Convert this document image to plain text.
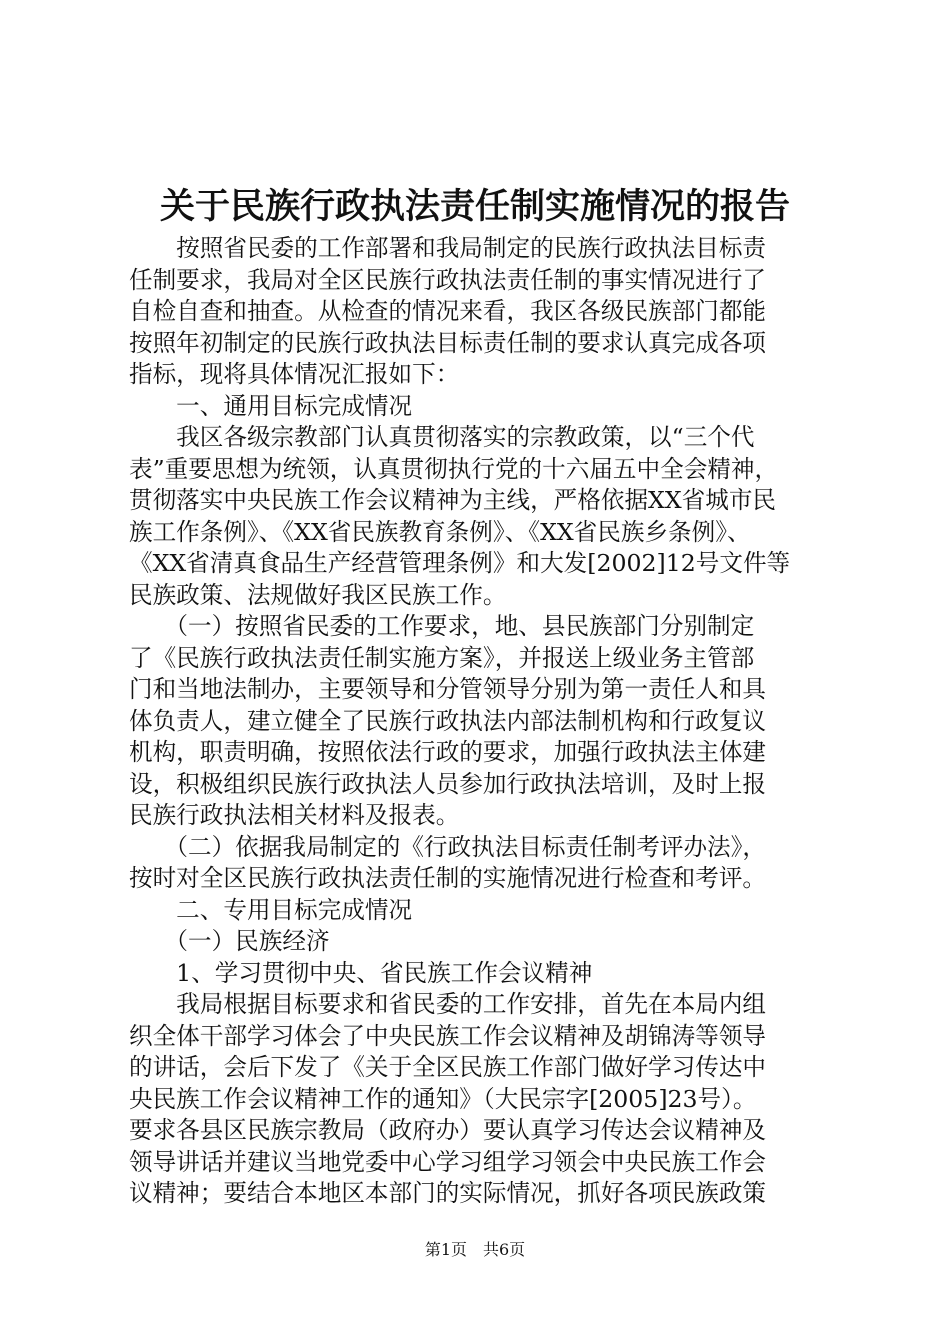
关于民族行政执法责任制实施情况的报告
　　按照省民委的工作部署和我局制定的民族行政执法目标责
任制要求，我局对全区民族行政执法责任制的事实情况进行了
自检自查和抽查。从检查的情况来看，我区各级民族部门都能
按照年初制定的民族行政执法目标责任制的要求认真完成各项
指标，现将具体情况汇报如下：
　　一、通用目标完成情况
　　我区各级宗教部门认真贯彻落实的宗教政策，以“三个代
表”重要思想为统领，认真贯彻执行党的十六届五中全会精神，
贯彻落实中央民族工作会议精神为主线，严格依据XX省城市民
族工作条例》、《XX省民族教育条例》、《XX省民族乡条例》、
《XX省清真食品生产经营管理条例》和大发[2002]12号文件等
民族政策、法规做好我区民族工作。
　　（一）按照省民委的工作要求，地、县民族部门分别制定
了《民族行政执法责任制实施方案》，并报送上级业务主管部
门和当地法制办，主要领导和分管领导分别为第一责任人和具
体负责人，建立健全了民族行政执法内部法制机构和行政复议
机构，职责明确，按照依法行政的要求，加强行政执法主体建
设，积极组织民族行政执法人员参加行政执法培训，及时上报
民族行政执法相关材料及报表。
　　（二）依据我局制定的《行政执法目标责任制考评办法》，
按时对全区民族行政执法责任制的实施情况进行检查和考评。
　　二、专用目标完成情况
　　（一）民族经济
　　1、学习贯彻中央、省民族工作会议精神
　　我局根据目标要求和省民委的工作安排，首先在本局内组
织全体干部学习体会了中央民族工作会议精神及胡锦涛等领导
的讲话，会后下发了《关于全区民族工作部门做好学习传达中
央民族工作会议精神工作的通知》（大民宗字[2005]23号）。
要求各县区民族宗教局（政府办）要认真学习传达会议精神及
领导讲话并建议当地党委中心学习组学习领会中央民族工作会
议精神；要结合本地区本部门的实际情况，抓好各项民族政策
第1页　共6页
